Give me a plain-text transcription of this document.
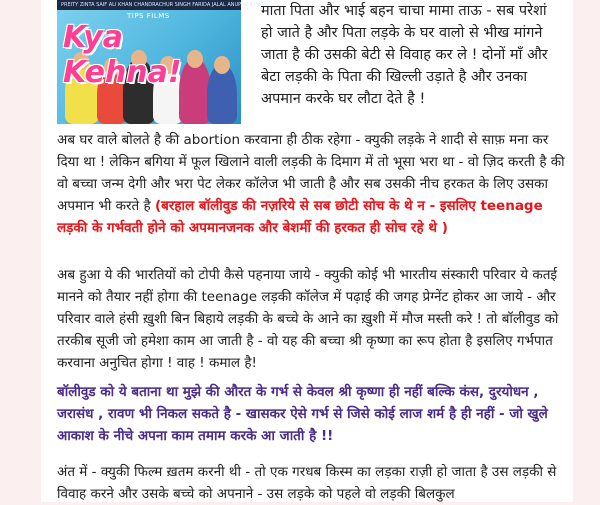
PREITY ZINTA SAIF ALI KHAN CHANDRACHUR SINGH FARIDA JALAL ANUPAM KHER
TIPS FILMS
Kya Kehna!

माता पिता और भाई बहन चाचा मामा ताऊ - सब परेशां हो जाते है और पिता लड़के के घर वालो से भीख मांगने जाता है की उसकी बेटी से विवाह कर ले ! दोनों माँ और बेटा लड़की के पिता की खिल्ली उड़ाते है और उनका अपमान करके घर लौटा देते है !

अब घर वाले बोलते है की abortion करवाना ही ठीक रहेगा - क्युकी लड़के ने शादी से साफ़ मना कर दिया था ! लेकिन बगिया में फूल खिलाने वाली लड़की के दिमाग में तो भूसा भरा था - वो ज़िद करती है की वो बच्चा जन्म देगी और भरा पेट लेकर कॉलेज भी जाती है और सब उसकी नीच हरकत के लिए उसका अपमान भी करते है (बरहाल बॉलीवुड की नज़रिये से सब छोटी सोच के थे न - इसलिए teenage लड़की के गर्भवती होने को अपमानजनक और बेशर्मी की हरकत ही सोच रहे थे )

अब हुआ ये की भारतियों को टोपी कैसे पहनाया जाये - क्युकी कोई भी भारतीय संस्कारी परिवार ये कतई मानने को तैयार नहीं होगा की teenage लड़की कॉलेज में पढ़ाई की जगह प्रेग्नेंट होकर आ जाये - और परिवार वाले हंसी ख़ुशी बिन बिहाये लड़की के बच्चे के आने का ख़ुशी में मौज मस्ती करे ! तो बॉलीवुड को तरकीब सूजी जो हमेशा काम आ जाती है - वो यह की बच्चा श्री कृष्णा का रूप होता है इसलिए गर्भपात करवाना अनुचित होगा ! वाह ! कमाल है!

बॉलीवुड को ये बताना था मुझे की औरत के गर्भ से केवल श्री कृष्णा ही नहीं बल्कि कंस, दुरयोधन , जरासंध , रावण भी निकल सकते है - खासकर ऐसे गर्भ से जिसे कोई लाज शर्म है ही नहीं - जो खुले आकाश के नीचे अपना काम तमाम करके आ जाती है !!

अंत में - क्युकी फिल्म ख़तम करनी थी - तो एक गरधब किस्म का लड़का राज़ी हो जाता है उस लड़की से विवाह करने और उसके बच्चे को अपनाने - उस लड़के को पहले वो लड़की बिलकुल
